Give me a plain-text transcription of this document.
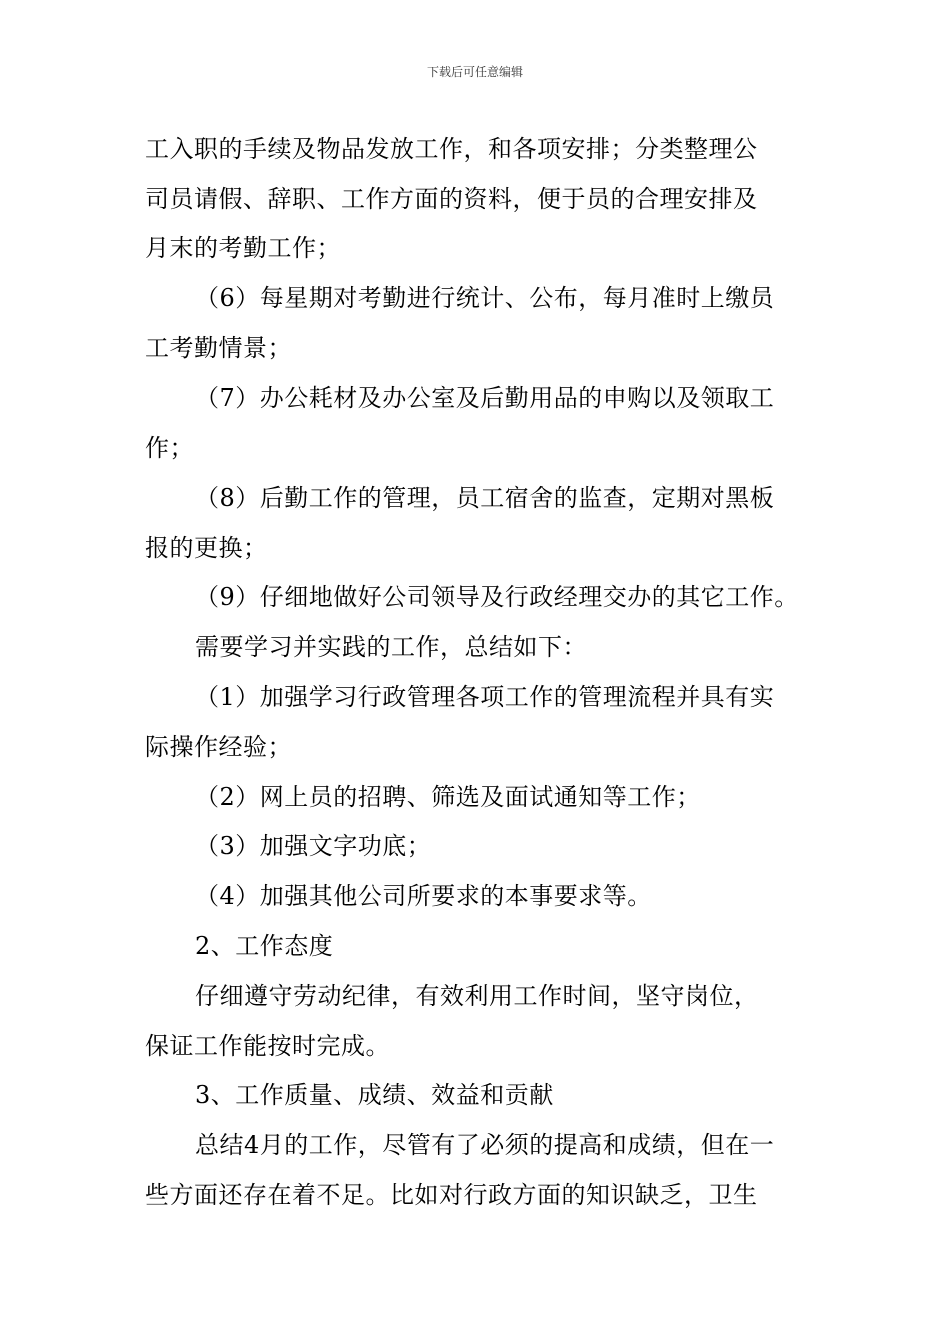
下载后可任意编辑
工入职的手续及物品发放工作，和各项安排；分类整理公
司员请假、辞职、工作方面的资料，便于员的合理安排及
月末的考勤工作；
（6）每星期对考勤进行统计、公布，每月准时上缴员
工考勤情景；
（7）办公耗材及办公室及后勤用品的申购以及领取工
作；
（8）后勤工作的管理，员工宿舍的监查，定期对黑板
报的更换；
（9）仔细地做好公司领导及行政经理交办的其它工作。
需要学习并实践的工作，总结如下：
（1）加强学习行政管理各项工作的管理流程并具有实
际操作经验；
（2）网上员的招聘、筛选及面试通知等工作；
（3）加强文字功底；
（4）加强其他公司所要求的本事要求等。
2、工作态度
仔细遵守劳动纪律，有效利用工作时间，坚守岗位，
保证工作能按时完成。
3、工作质量、成绩、效益和贡献
总结4月的工作，尽管有了必须的提高和成绩，但在一
些方面还存在着不足。比如对行政方面的知识缺乏，卫生
